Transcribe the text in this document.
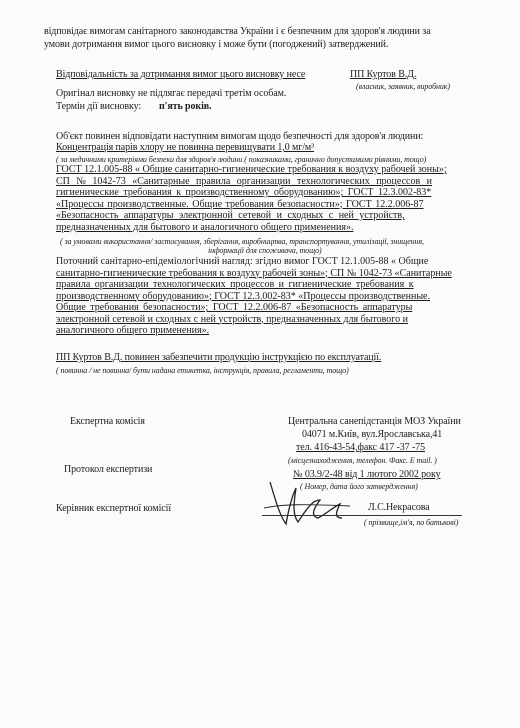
відповідає вимогам санітарного законодавства України і є безпечним для здоров'я людини за
умови дотримання вимог цього висновку і може бути (погоджений) затверджений.
Відповідальність за дотримання вимог цього висновку несе	ПП Куртов В.Д.
(власник, заявник, виробник)
Оригінал висновку не підлягає передачі третім особам.
Термін дії висновку: п'ять років.
Об'єкт повинен відповідати наступним вимогам щодо безпечності для здоров'я людини:
Концентрація парів хлору не повинна перевищувати 1,0 мг/м³
( за медичними критеріями безпеки для здоров'я людини ( показниками, гранично допустимими рівнями, тощо)
ГОСТ 12.1.005-88 « Общие санитарно-гигиенические требования к воздуху рабочей зоны»;
СП № 1042-73 «Санитарные правила организации технологических процессов и
гигиенические требования к производственному оборудованию»; ГОСТ 12.3.002-83*
«Процессы производственные. Общие требования безопасности»; ГОСТ 12.2.006-87
«Безопасность аппаратуры электронной сетевой и сходных с ней устройств,
предназначенных для бытового и аналогичного общего применения».
( за умовами використання/ застосування, зберігання, виробництва, транспортування, утилізації, знищення,
інформації для споживача, тощо)
Поточний санітарно-епідеміологічний нагляд: згідно вимог ГОСТ 12.1.005-88 « Общие
санитарно-гигиенические требования к воздуху рабочей зоны»; СП № 1042-73 «Санитарные
правила организации технологических процессов и гигиенические требования к
производственному оборудованию»; ГОСТ 12.3.002-83* «Процессы производственные.
Общие требования безопасности»; ГОСТ 12.2.006-87 «Безопасность аппаратуры
электронной сетевой и сходных с ней устройств, предназначенных для бытового и
аналогичного общего применения».
ПП Куртов В.Д. повинен забезпечити продукцію інструкцією по експлуатації.
( повинна / не повинна/ бути надана етикетка, інструкція, правила, регламенти, тощо)
Експертна комісія	Центральна санепідстанція МОЗ України
04071 м.Київ, вул.Ярославська,41
тел. 416-43-54,факс 417 -37 -75
(місцезнаходження, телефон. Факс. E mail. )
Протокол експертизи	№ 03.9/2-48 від 1 лютого 2002 року
( Номер, дата його затвердження)
Керівник експертної комісії	Л.С.Некрасова
( прізвище,ім'я, по батькові)
